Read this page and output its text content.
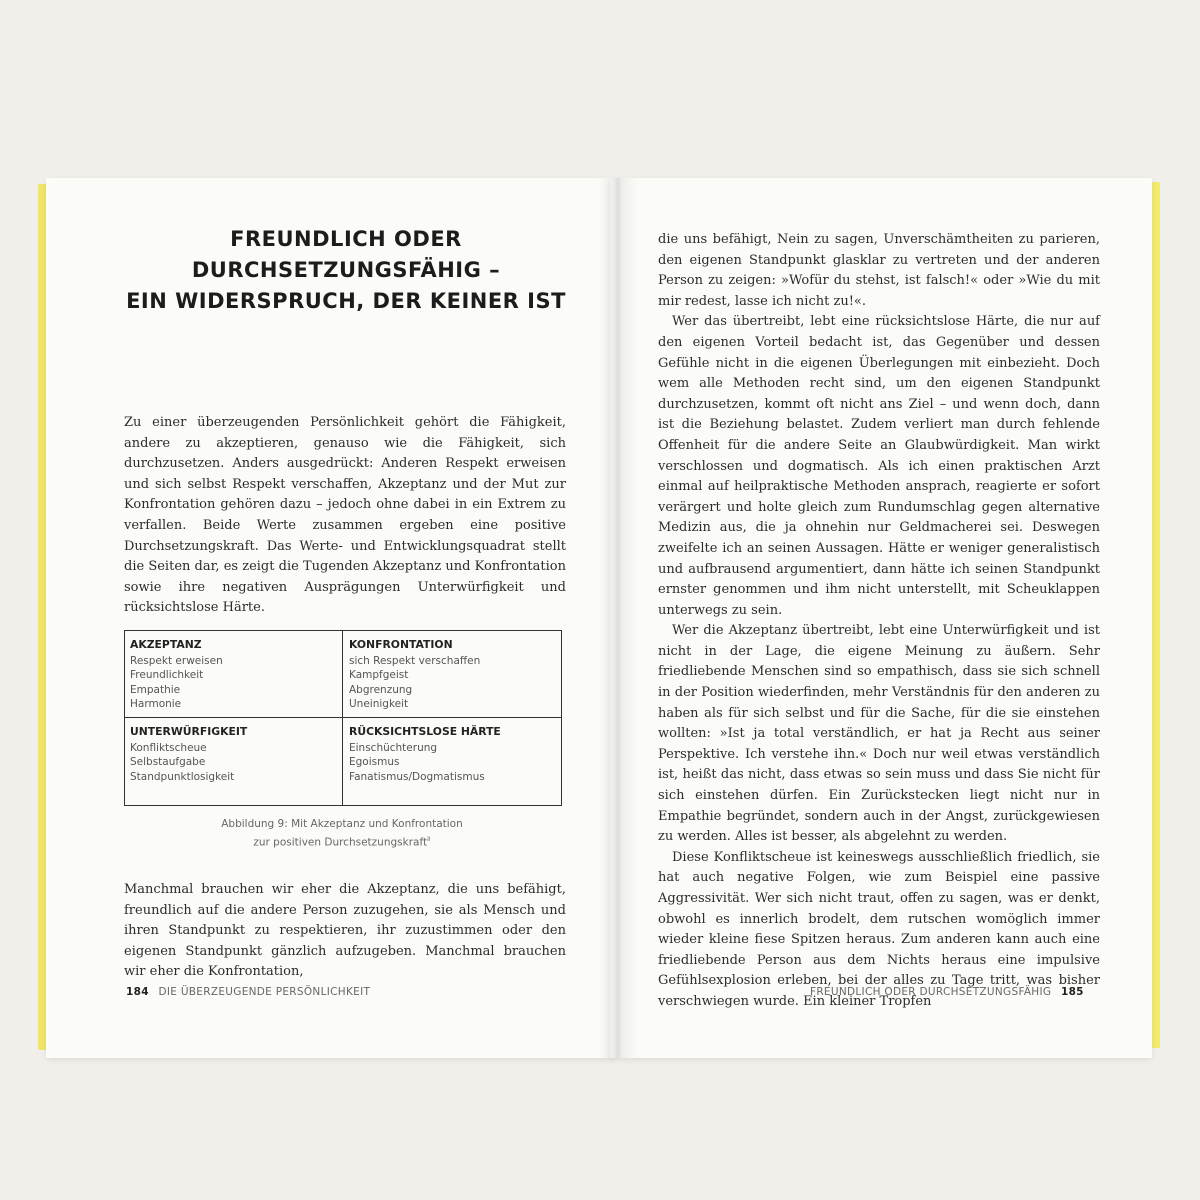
FREUNDLICH ODER
DURCHSETZUNGSFÄHIG –
EIN WIDERSPRUCH, DER KEINER IST

Zu einer überzeugenden Persönlichkeit gehört die Fähigkeit, andere zu akzeptieren, genauso wie die Fähigkeit, sich durchzusetzen. Anders ausgedrückt: Anderen Respekt erweisen und sich selbst Respekt verschaffen, Akzeptanz und der Mut zur Konfrontation gehören dazu – jedoch ohne dabei in ein Extrem zu verfallen. Beide Werte zusammen ergeben eine positive Durchsetzungskraft. Das Werte- und Entwicklungsquadrat stellt die Seiten dar, es zeigt die Tugenden Akzeptanz und Konfrontation sowie ihre negativen Ausprägungen Unterwürfigkeit und rücksichtslose Härte.

AKZEPTANZ
Respekt erweisen
Freundlichkeit
Empathie
Harmonie
KONFRONTATION
sich Respekt verschaffen
Kampfgeist
Abgrenzung
Uneinigkeit
UNTERWÜRFIGKEIT
Konfliktscheue
Selbstaufgabe
Standpunktlosigkeit
RÜCKSICHTSLOSE HÄRTE
Einschüchterung
Egoismus
Fanatismus/Dogmatismus
Abbildung 9: Mit Akzeptanz und Konfrontation
zur positiven Durchsetzungskraft$^{II}$

Manchmal brauchen wir eher die Akzeptanz, die uns befähigt, freundlich auf die andere Person zuzugehen, sie als Mensch und ihren Standpunkt zu respektieren, ihr zuzustimmen oder den eigenen Standpunkt gänzlich aufzugeben. Manchmal brauchen wir eher die Konfrontation,

184 DIE ÜBERZEUGENDE PERSÖNLICHKEIT

die uns befähigt, Nein zu sagen, Unverschämtheiten zu parieren, den eigenen Standpunkt glasklar zu vertreten und der anderen Person zu zeigen: »Wofür du stehst, ist falsch!« oder »Wie du mit mir redest, lasse ich nicht zu!«.

Wer das übertreibt, lebt eine rücksichtslose Härte, die nur auf den eigenen Vorteil bedacht ist, das Gegenüber und dessen Gefühle nicht in die eigenen Überlegungen mit einbezieht. Doch wem alle Methoden recht sind, um den eigenen Standpunkt durchzusetzen, kommt oft nicht ans Ziel – und wenn doch, dann ist die Beziehung belastet. Zudem verliert man durch fehlende Offenheit für die andere Seite an Glaubwürdigkeit. Man wirkt verschlossen und dogmatisch. Als ich einen praktischen Arzt einmal auf heilpraktische Methoden ansprach, reagierte er sofort verärgert und holte gleich zum Rundumschlag gegen alternative Medizin aus, die ja ohnehin nur Geldmacherei sei. Deswegen zweifelte ich an seinen Aussagen. Hätte er weniger generalistisch und aufbrausend argumentiert, dann hätte ich seinen Standpunkt ernster genommen und ihm nicht unterstellt, mit Scheuklappen unterwegs zu sein.

Wer die Akzeptanz übertreibt, lebt eine Unterwürfigkeit und ist nicht in der Lage, die eigene Meinung zu äußern. Sehr friedliebende Menschen sind so empathisch, dass sie sich schnell in der Position wiederfinden, mehr Verständnis für den anderen zu haben als für sich selbst und für die Sache, für die sie einstehen wollten: »Ist ja total verständlich, er hat ja Recht aus seiner Perspektive. Ich verstehe ihn.« Doch nur weil etwas verständlich ist, heißt das nicht, dass etwas so sein muss und dass Sie nicht für sich einstehen dürfen. Ein Zurückstecken liegt nicht nur in Empathie begründet, sondern auch in der Angst, zurückgewiesen zu werden. Alles ist besser, als abgelehnt zu werden.

Diese Konfliktscheue ist keineswegs ausschließlich friedlich, sie hat auch negative Folgen, wie zum Beispiel eine passive Aggressivität. Wer sich nicht traut, offen zu sagen, was er denkt, obwohl es innerlich brodelt, dem rutschen womöglich immer wieder kleine fiese Spitzen heraus. Zum anderen kann auch eine friedliebende Person aus dem Nichts heraus eine impulsive Gefühlsexplosion erleben, bei der alles zu Tage tritt, was bisher verschwiegen wurde. Ein kleiner Tropfen

FREUNDLICH ODER DURCHSETZUNGSFÄHIG 185
